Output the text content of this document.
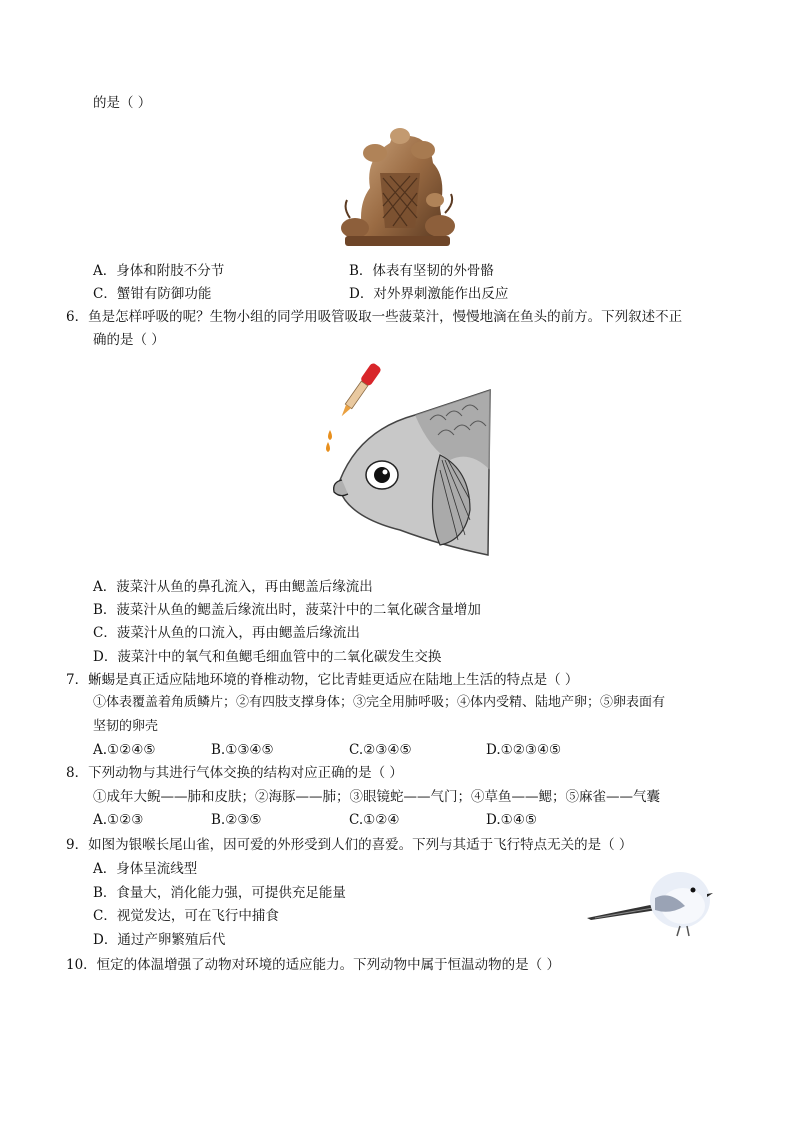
的是（ ）
A．身体和附肢不分节	B．体表有坚韧的外骨骼
C．蟹钳有防御功能	D．对外界刺激能作出反应
6．鱼是怎样呼吸的呢？生物小组的同学用吸管吸取一些菠菜汁，慢慢地滴在鱼头的前方。下列叙述不正
确的是（ ）
A．菠菜汁从鱼的鼻孔流入，再由鳃盖后缘流出
B．菠菜汁从鱼的鳃盖后缘流出时，菠菜汁中的二氧化碳含量增加
C．菠菜汁从鱼的口流入，再由鳃盖后缘流出
D．菠菜汁中的氧气和鱼鳃毛细血管中的二氧化碳发生交换
7．蜥蜴是真正适应陆地环境的脊椎动物，它比青蛙更适应在陆地上生活的特点是（ ）
①体表覆盖着角质鳞片；②有四肢支撑身体；③完全用肺呼吸；④体内受精、陆地产卵；⑤卵表面有
坚韧的卵壳
A.①②④⑤	B.①③④⑤	C.②③④⑤	D.①②③④⑤
8．下列动物与其进行气体交换的结构对应正确的是（ ）
①成年大鲵——肺和皮肤；②海豚——肺；③眼镜蛇——气门；④草鱼——鳃；⑤麻雀——气囊
A.①②③	B.②③⑤	C.①②④	D.①④⑤
9．如图为银喉长尾山雀，因可爱的外形受到人们的喜爱。下列与其适于飞行特点无关的是（ ）
A．身体呈流线型
B．食量大，消化能力强，可提供充足能量
C．视觉发达，可在飞行中捕食
D．通过产卵繁殖后代
10．恒定的体温增强了动物对环境的适应能力。下列动物中属于恒温动物的是（ ）
